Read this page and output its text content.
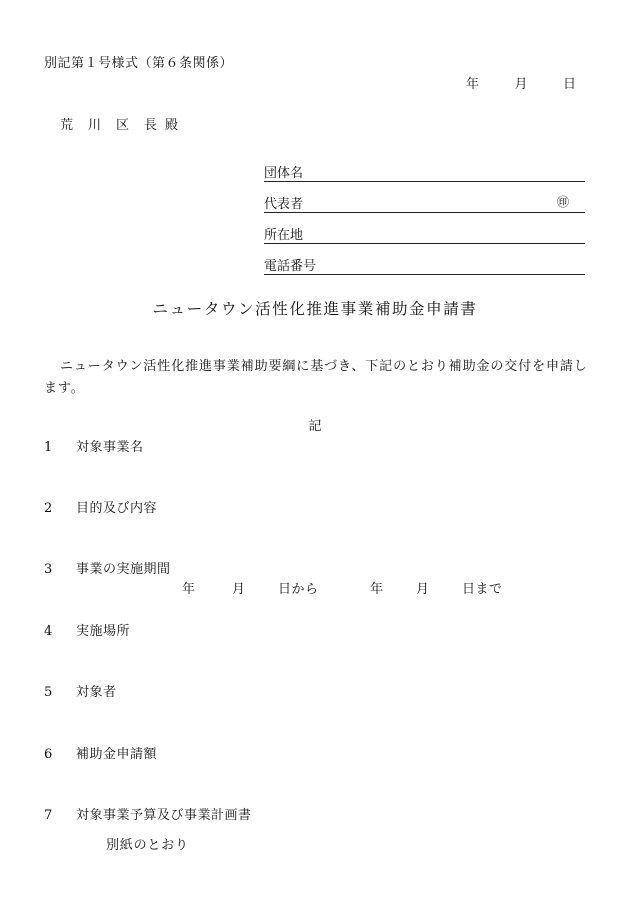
別記第１号様式（第６条関係）
年	月	日
荒　川　区　長 殿
団体名
代表者	㊞
所在地
電話番号
ニュータウン活性化推進事業補助金申請書
ニュータウン活性化推進事業補助要綱に基づき、下記のとおり補助金の交付を申請します。
記
1 対象事業名
2 目的及び内容
3 事業の実施期間
年	月 日から	年 月 日まで
4 実施場所
5 対象者
6 補助金申請額
7 対象事業予算及び事業計画書
別紙のとおり
